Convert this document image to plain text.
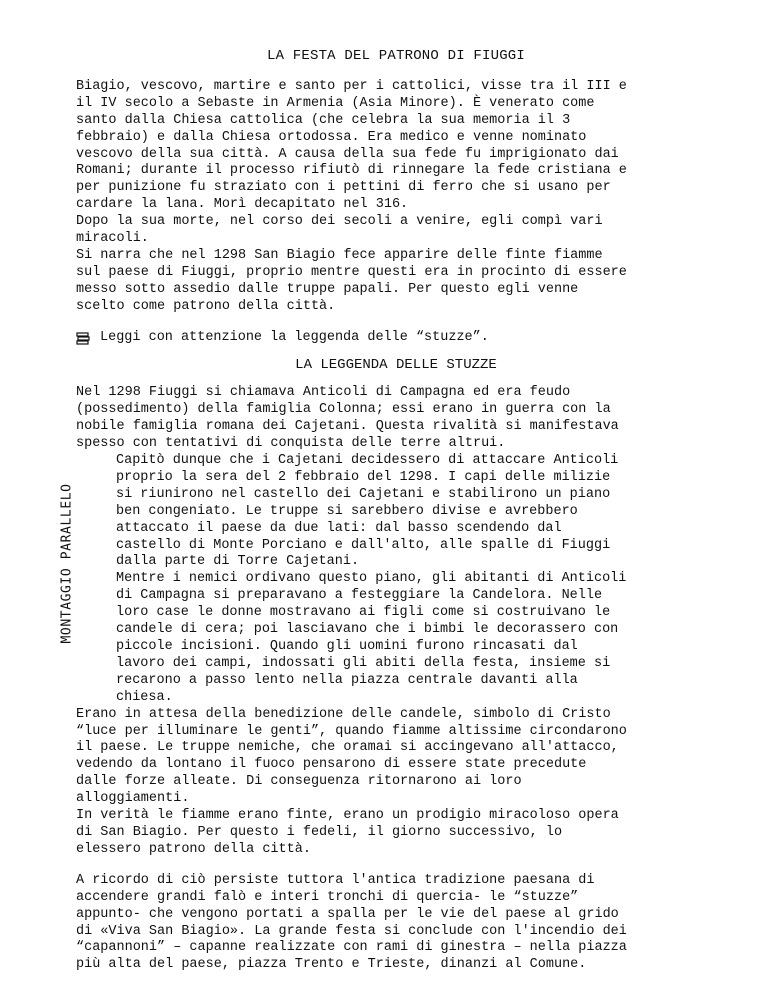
MONTAGGIO PARALLELO
LA FESTA DEL PATRONO DI FIUGGI

Biagio, vescovo, martire e santo per i cattolici, visse tra il III e
il IV secolo a Sebaste in Armenia (Asia Minore). È venerato come
santo dalla Chiesa cattolica (che celebra la sua memoria il 3
febbraio) e dalla Chiesa ortodossa. Era medico e venne nominato
vescovo della sua città. A causa della sua fede fu imprigionato dai
Romani; durante il processo rifiutò di rinnegare la fede cristiana e
per punizione fu straziato con i pettini di ferro che si usano per
cardare la lana. Morì decapitato nel 316.
Dopo la sua morte, nel corso dei secoli a venire, egli compì vari
miracoli.
Si narra che nel 1298 San Biagio fece apparire delle finte fiamme
sul paese di Fiuggi, proprio mentre questi era in procinto di essere
messo sotto assedio dalle truppe papali. Per questo egli venne
scelto come patrono della città.

Leggi con attenzione la leggenda delle “stuzze”.
LA LEGGENDA DELLE STUZZE

Nel 1298 Fiuggi si chiamava Anticoli di Campagna ed era feudo
(possedimento) della famiglia Colonna; essi erano in guerra con la
nobile famiglia romana dei Cajetani. Questa rivalità si manifestava
spesso con tentativi di conquista delle terre altrui.

Capitò dunque che i Cajetani decidessero di attaccare Anticoli
proprio la sera del 2 febbraio del 1298. I capi delle milizie
si riunirono nel castello dei Cajetani e stabilirono un piano
ben congeniato. Le truppe si sarebbero divise e avrebbero
attaccato il paese da due lati: dal basso scendendo dal
castello di Monte Porciano e dall'alto, alle spalle di Fiuggi
dalla parte di Torre Cajetani.
Mentre i nemici ordivano questo piano, gli abitanti di Anticoli
di Campagna si preparavano a festeggiare la Candelora. Nelle
loro case le donne mostravano ai figli come si costruivano le
candele di cera; poi lasciavano che i bimbi le decorassero con
piccole incisioni. Quando gli uomini furono rincasati dal
lavoro dei campi, indossati gli abiti della festa, insieme si
recarono a passo lento nella piazza centrale davanti alla
chiesa.

Erano in attesa della benedizione delle candele, simbolo di Cristo
“luce per illuminare le genti”, quando fiamme altissime circondarono
il paese. Le truppe nemiche, che oramai si accingevano all'attacco,
vedendo da lontano il fuoco pensarono di essere state precedute
dalle forze alleate. Di conseguenza ritornarono ai loro
alloggiamenti.
In verità le fiamme erano finte, erano un prodigio miracoloso opera
di San Biagio. Per questo i fedeli, il giorno successivo, lo
elessero patrono della città.

A ricordo di ciò persiste tuttora l'antica tradizione paesana di
accendere grandi falò e interi tronchi di quercia- le “stuzze”
appunto- che vengono portati a spalla per le vie del paese al grido
di «Viva San Biagio». La grande festa si conclude con l'incendio dei
“capannoni” – capanne realizzate con rami di ginestra – nella piazza
più alta del paese, piazza Trento e Trieste, dinanzi al Comune.
